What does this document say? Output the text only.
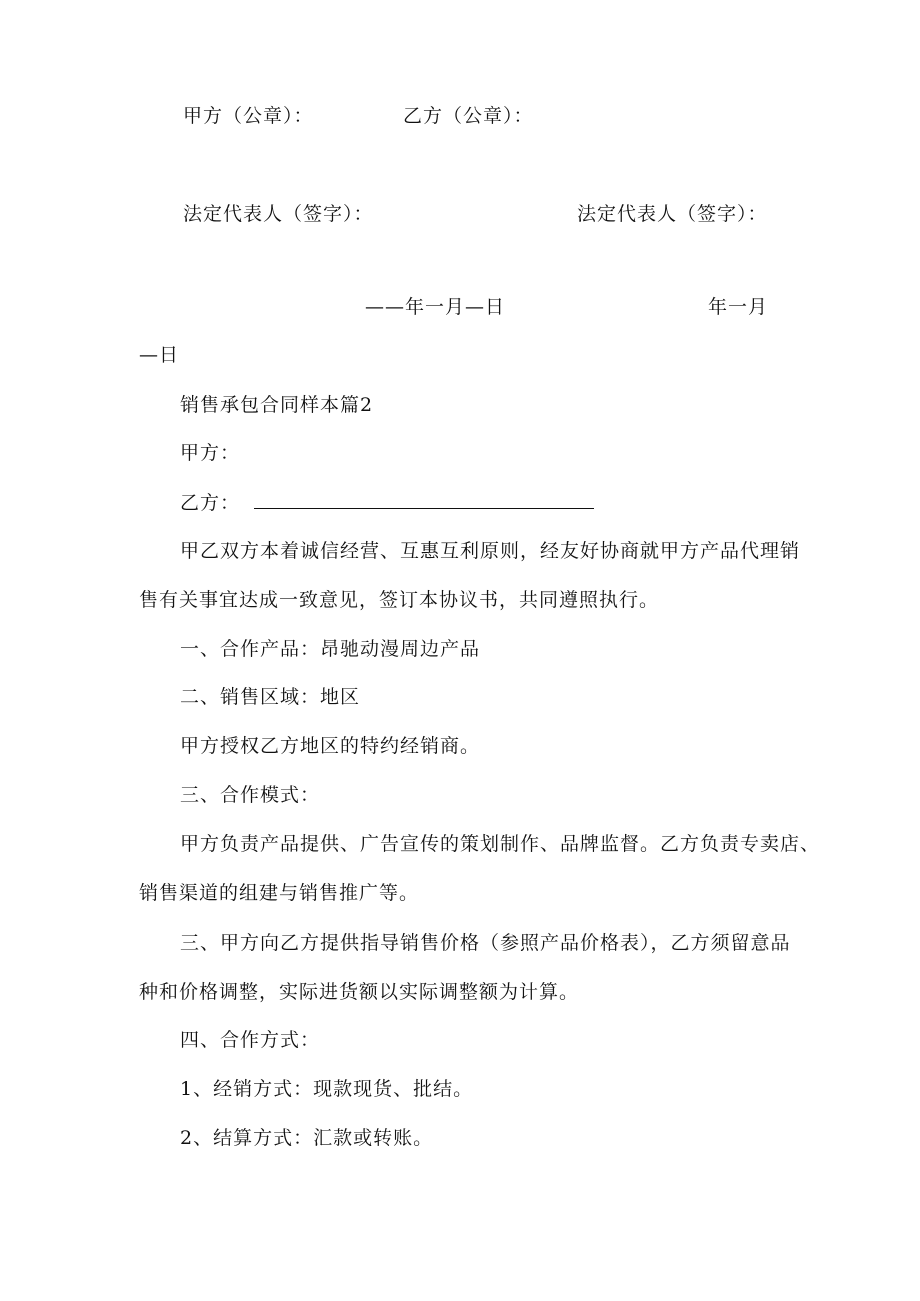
甲方（公章）：	乙方（公章）：
法定代表人（签字）：	法定代表人（签字）：
——年一月—日	年一月
—日
销售承包合同样本篇2
甲方：
乙方：
甲乙双方本着诚信经营、互惠互利原则，经友好协商就甲方产品代理销
售有关事宜达成一致意见，签订本协议书，共同遵照执行。
一、合作产品：昂驰动漫周边产品
二、销售区域：地区
甲方授权乙方地区的特约经销商。
三、合作模式：
甲方负责产品提供、广告宣传的策划制作、品牌监督。乙方负责专卖店、
销售渠道的组建与销售推广等。
三、甲方向乙方提供指导销售价格（参照产品价格表），乙方须留意品
种和价格调整，实际进货额以实际调整额为计算。
四、合作方式：
1、经销方式：现款现货、批结。
2、结算方式：汇款或转账。
